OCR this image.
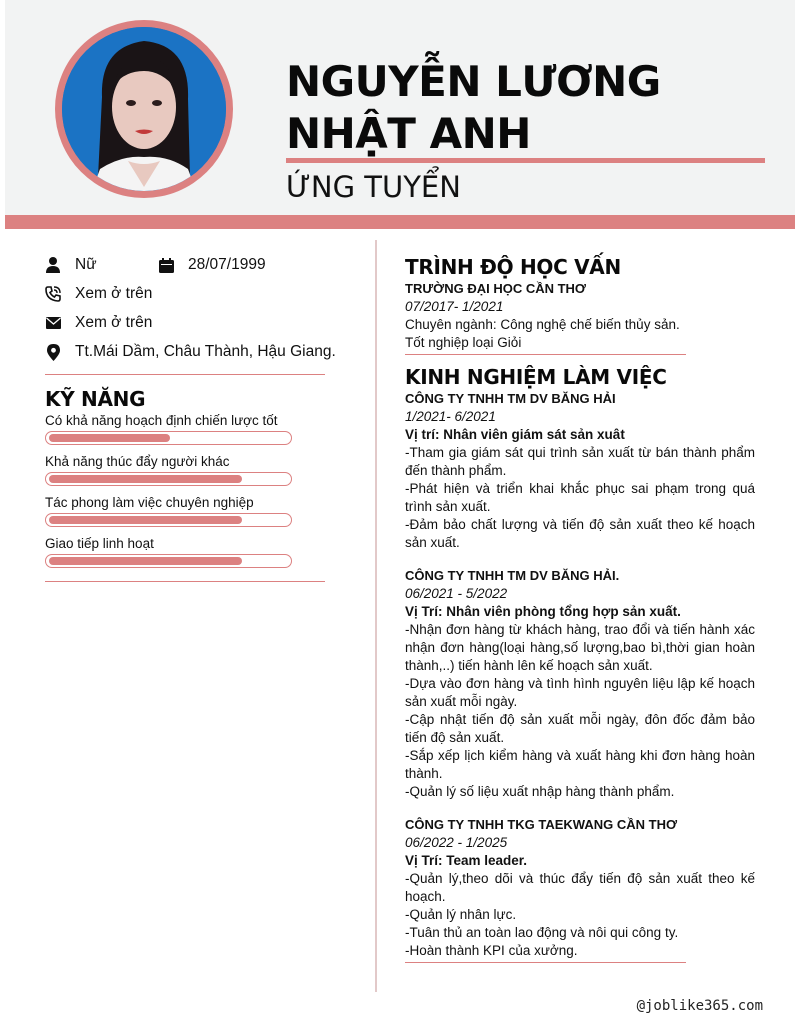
NGUYỄN LƯƠNG NHẬT ANH
ỨNG TUYỂN
Nữ	28/07/1999
Xem ở trên
Xem ở trên
Tt.Mái Dầm, Châu Thành, Hậu Giang.
KỸ NĂNG
Có khả năng hoạch định chiến lược tốt
Khả năng thúc đẩy người khác
Tác phong làm việc chuyên nghiệp
Giao tiếp linh hoạt
TRÌNH ĐỘ HỌC VẤN
TRƯỜNG ĐẠI HỌC CẦN THƠ
07/2017- 1/2021
Chuyên ngành: Công nghệ chế biến thủy sản.
Tốt nghiệp loại Giỏi
KINH NGHIỆM LÀM VIỆC
CÔNG TY TNHH TM DV BĂNG HẢI
1/2021- 6/2021
Vị trí: Nhân viên giám sát sản xuât
-Tham gia giám sát qui trình sản xuất từ bán thành phẩm đến thành phẩm.
-Phát hiện và triển khai khắc phục sai phạm trong quá trình sản xuất.
-Đảm bảo chất lượng và tiến độ sản xuất theo kế hoạch sản xuất.
CÔNG TY TNHH TM DV BĂNG HẢI.
06/2021 - 5/2022
Vị Trí: Nhân viên phòng tổng hợp sản xuất.
-Nhận đơn hàng từ khách hàng, trao đổi và tiến hành xác nhận đơn hàng(loại hàng,số lượng,bao bì,thời gian hoàn thành,..) tiến hành lên kế hoạch sản xuất.
-Dựa vào đơn hàng và tình hình nguyên liệu lập kế hoạch sản xuất mỗi ngày.
-Cập nhật tiến độ sản xuất mỗi ngày, đôn đốc đảm bảo tiến độ sản xuất.
-Sắp xếp lịch kiểm hàng và xuất hàng khi đơn hàng hoàn thành.
-Quản lý số liệu xuất nhập hàng thành phẩm.
CÔNG TY TNHH TKG TAEKWANG CẦN THƠ
06/2022 - 1/2025
Vị Trí: Team leader.
-Quản lý,theo dõi và thúc đẩy tiến độ sản xuất theo kế hoạch.
-Quản lý nhân lực.
-Tuân thủ an toàn lao động và nôi qui công ty.
-Hoàn thành KPI của xưởng.
@joblike365.com
